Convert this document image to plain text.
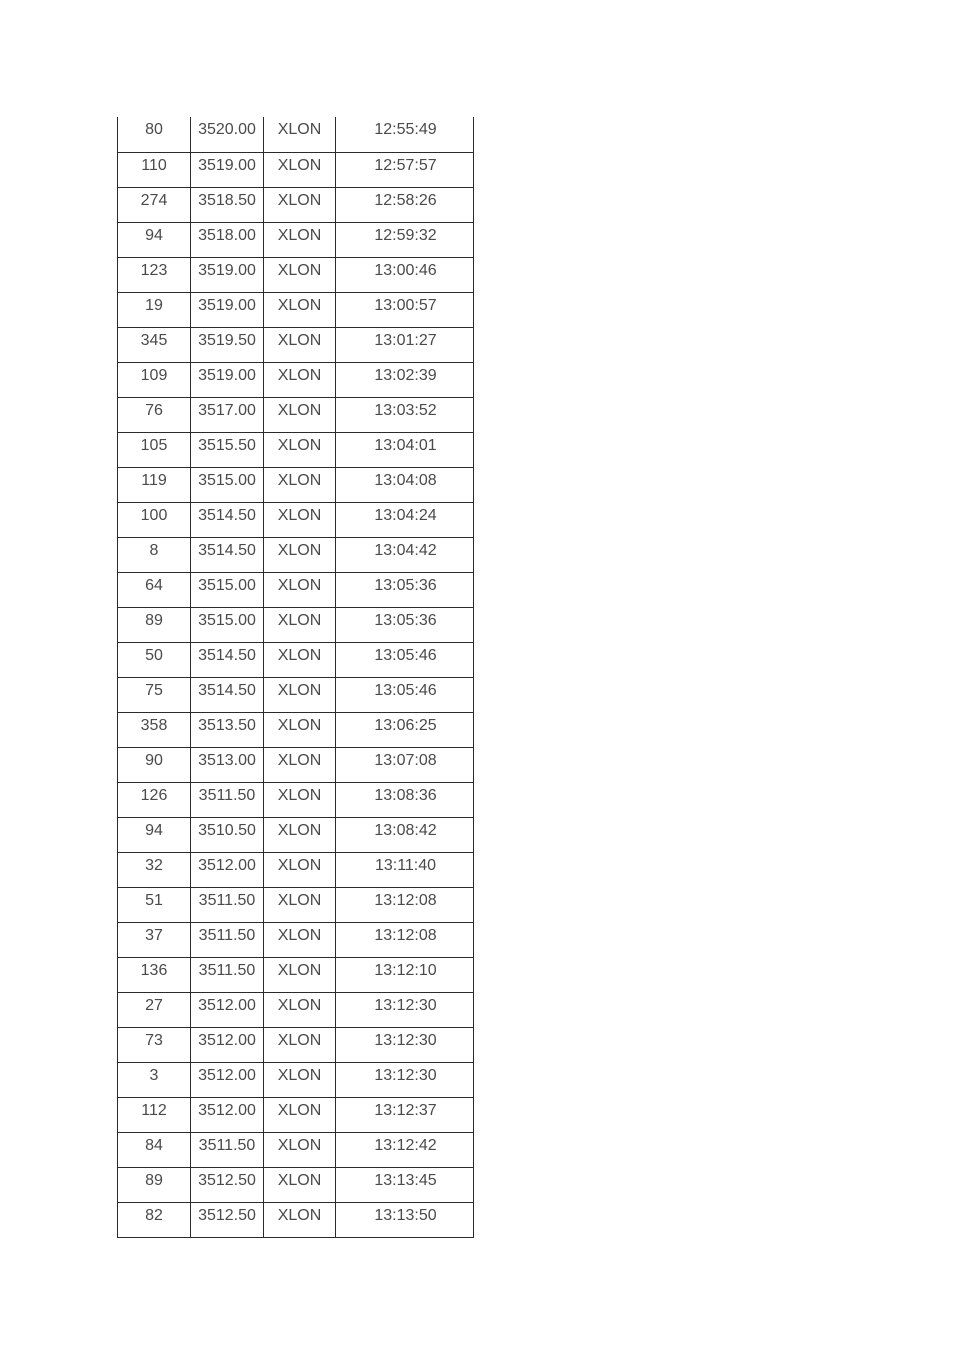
80	3520.00	XLON	12:55:49
110	3519.00	XLON	12:57:57
274	3518.50	XLON	12:58:26
94	3518.00	XLON	12:59:32
123	3519.00	XLON	13:00:46
19	3519.00	XLON	13:00:57
345	3519.50	XLON	13:01:27
109	3519.00	XLON	13:02:39
76	3517.00	XLON	13:03:52
105	3515.50	XLON	13:04:01
119	3515.00	XLON	13:04:08
100	3514.50	XLON	13:04:24
8	3514.50	XLON	13:04:42
64	3515.00	XLON	13:05:36
89	3515.00	XLON	13:05:36
50	3514.50	XLON	13:05:46
75	3514.50	XLON	13:05:46
358	3513.50	XLON	13:06:25
90	3513.00	XLON	13:07:08
126	3511.50	XLON	13:08:36
94	3510.50	XLON	13:08:42
32	3512.00	XLON	13:11:40
51	3511.50	XLON	13:12:08
37	3511.50	XLON	13:12:08
136	3511.50	XLON	13:12:10
27	3512.00	XLON	13:12:30
73	3512.00	XLON	13:12:30
3	3512.00	XLON	13:12:30
112	3512.00	XLON	13:12:37
84	3511.50	XLON	13:12:42
89	3512.50	XLON	13:13:45
82	3512.50	XLON	13:13:50
